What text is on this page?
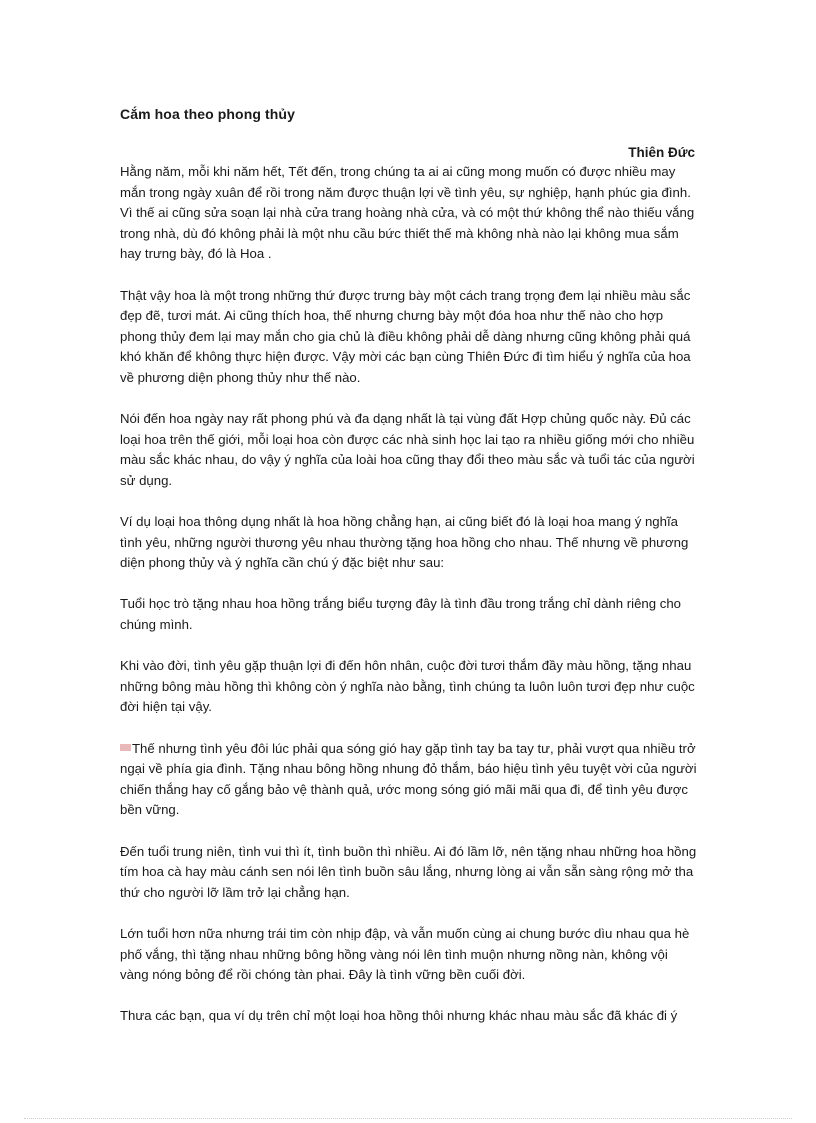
Cắm hoa theo phong thủy
Thiên Đức

Hằng năm, mỗi khi năm hết, Tết đến, trong chúng ta ai ai cũng mong muốn có được nhiều may mắn trong ngày xuân để rồi trong năm được thuận lợi về tình yêu, sự nghiệp, hạnh phúc gia đình. Vì thế ai cũng sửa soạn lại nhà cửa trang hoàng nhà cửa, và có một thứ không thể nào thiếu vắng trong nhà, dù đó không phải là một nhu cầu bức thiết thế mà không nhà nào lại không mua sắm hay trưng bày, đó là Hoa .

Thật vậy hoa là một trong những thứ được trưng bày một cách trang trọng đem lại nhiều màu sắc đẹp đẽ, tươi mát. Ai cũng thích hoa, thế nhưng chưng bày một đóa hoa như thế nào cho hợp phong thủy đem lại may mắn cho gia chủ là điều không phải dễ dàng nhưng cũng không phải quá khó khăn để không thực hiện được. Vậy mời các bạn cùng Thiên Đức đi tìm hiểu ý nghĩa của hoa về phương diện phong thủy như thế nào.

Nói đến hoa ngày nay rất phong phú và đa dạng nhất là tại vùng đất Hợp chủng quốc này. Đủ các loại hoa trên thế giới, mỗi loại hoa còn được các nhà sinh học lai tạo ra nhiều giống mới cho nhiều màu sắc khác nhau, do vậy ý nghĩa của loài hoa cũng thay đổi theo màu sắc và tuổi tác của người sử dụng.

Ví dụ loại hoa thông dụng nhất là hoa hồng chẳng hạn, ai cũng biết đó là loại hoa mang ý nghĩa tình yêu, những người thương yêu nhau thường tặng hoa hồng cho nhau. Thế nhưng về phương diện phong thủy và ý nghĩa cần chú ý đặc biệt như sau:

Tuổi học trò tặng nhau hoa hồng trắng biểu tượng đây là tình đầu trong trắng chỉ dành riêng cho chúng mình.

Khi vào đời, tình yêu gặp thuận lợi đi đến hôn nhân, cuộc đời tươi thắm đầy màu hồng, tặng nhau những bông màu hồng thì không còn ý nghĩa nào bằng, tình chúng ta luôn luôn tươi đẹp như cuộc đời hiện tại vậy.

Thế nhưng tình yêu đôi lúc phải qua sóng gió hay gặp tình tay ba tay tư, phải vượt qua nhiều trở ngại về phía gia đình. Tặng nhau bông hồng nhung đỏ thắm, báo hiệu tình yêu tuyệt vời của người chiến thắng hay cố gắng bảo vệ thành quả, ước mong sóng gió mãi mãi qua đi, để tình yêu được bền vững.

Đến tuổi trung niên, tình vui thì ít, tình buồn thì nhiều. Ai đó lầm lỡ, nên tặng nhau những hoa hồng tím hoa cà hay màu cánh sen nói lên tình buồn sâu lắng, nhưng lòng ai vẫn sẵn sàng rộng mở tha thứ cho người lỡ lầm trở lại chẳng hạn.

Lớn tuổi hơn nữa nhưng trái tim còn nhịp đập, và vẫn muốn cùng ai chung bước dìu nhau qua hè phố vắng, thì tặng nhau những bông hồng vàng nói lên tình muộn nhưng nồng nàn, không vội vàng nóng bỏng để rồi chóng tàn phai. Đây là tình vững bền cuối đời.

Thưa các bạn, qua ví dụ trên chỉ một loại hoa hồng thôi nhưng khác nhau màu sắc đã khác đi ý
